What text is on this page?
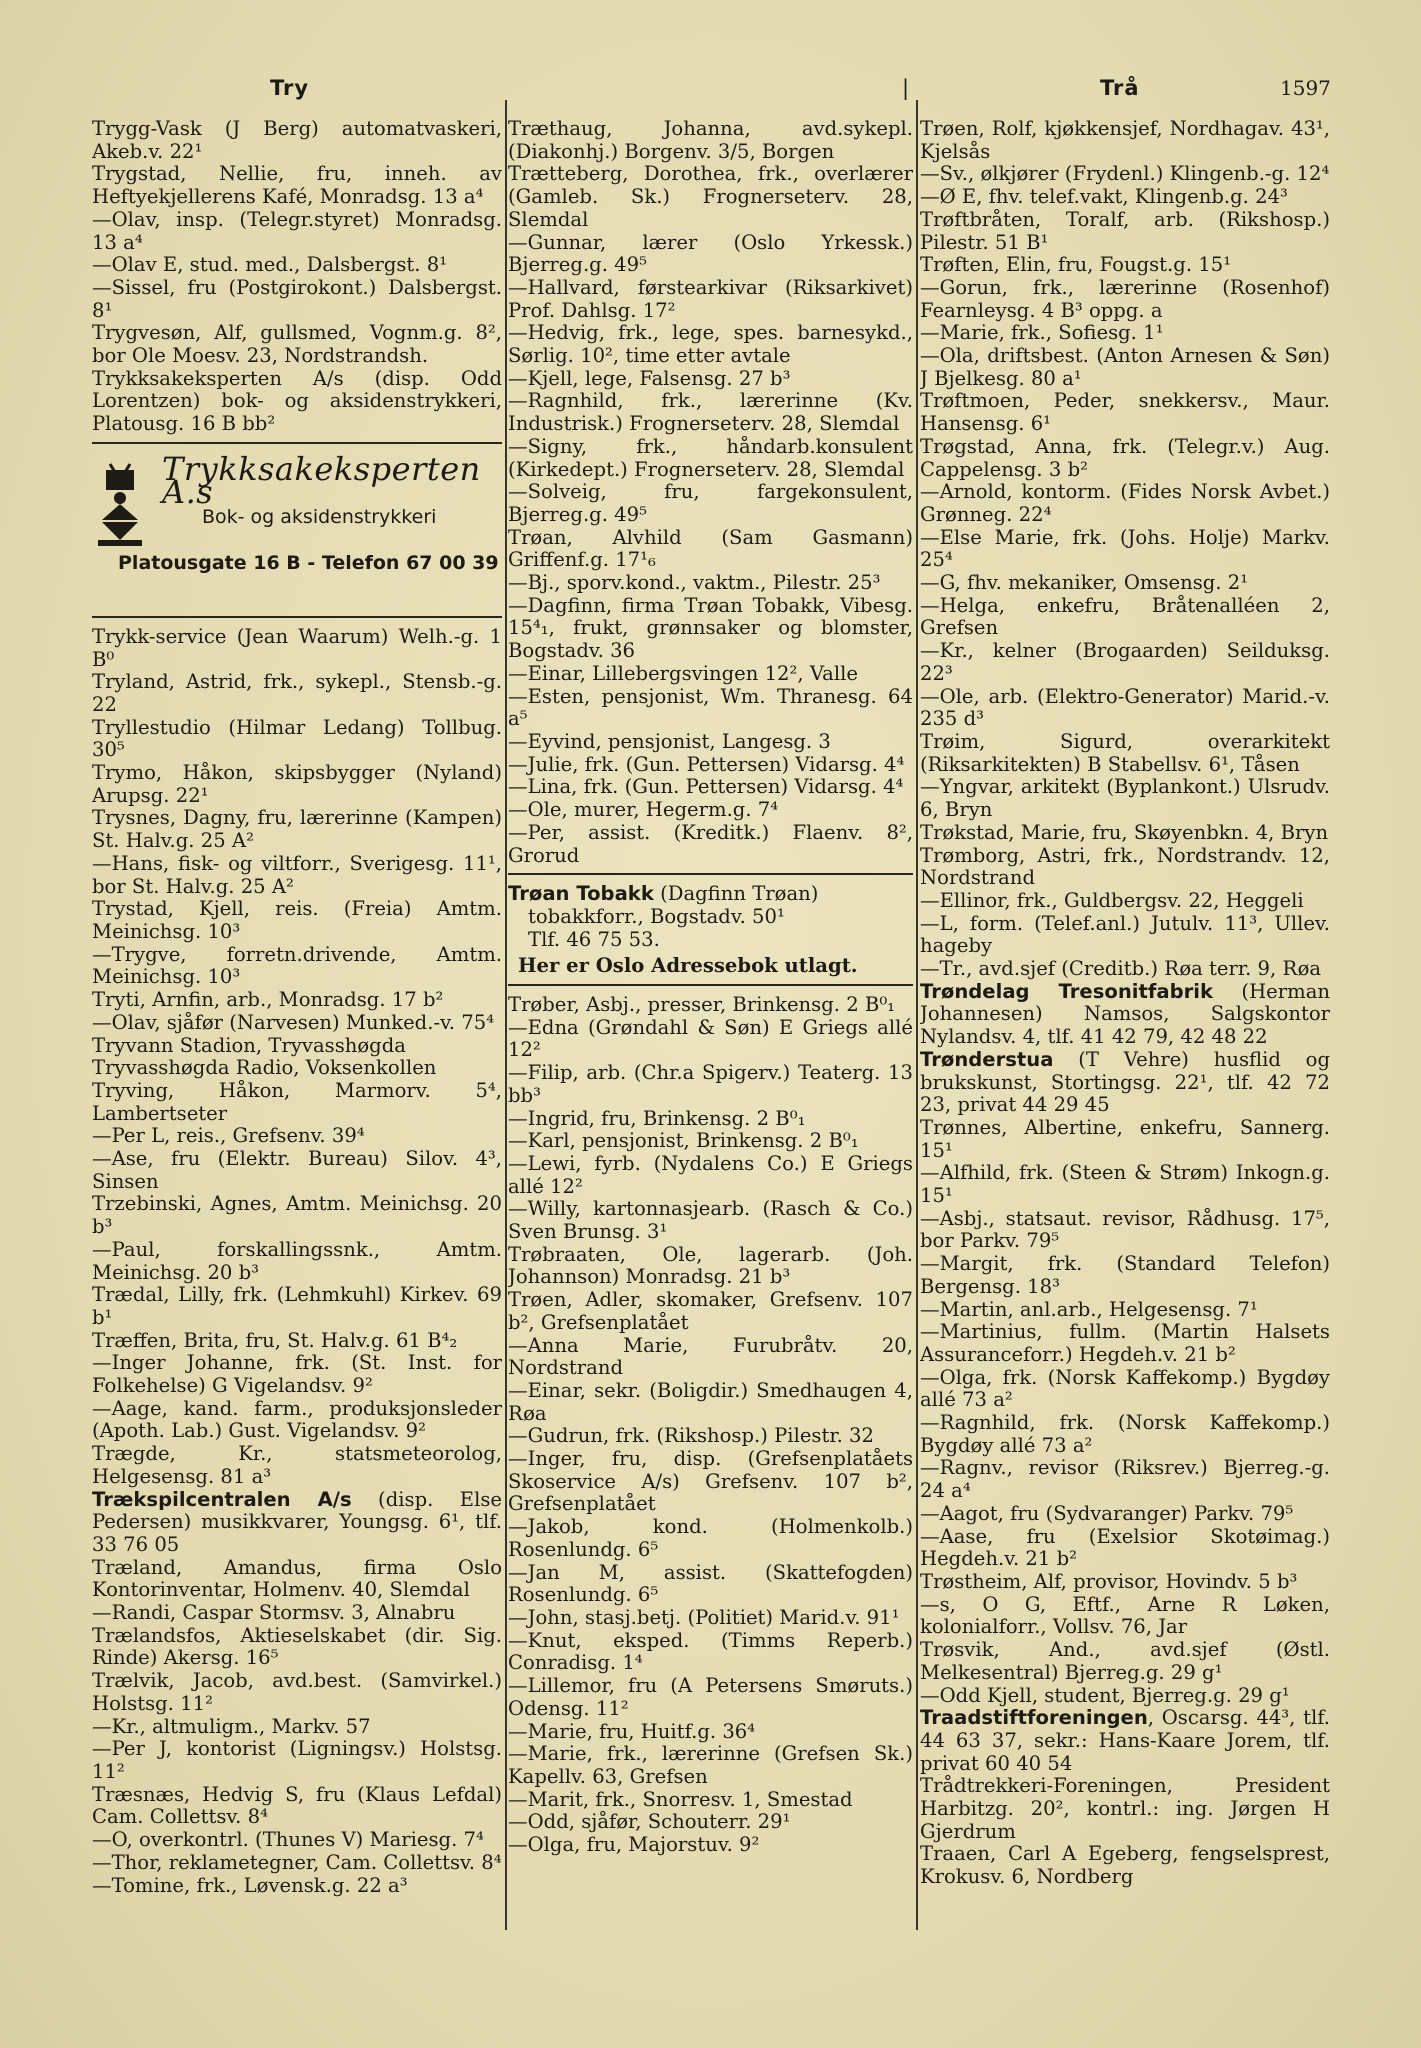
Try	|	Trå	1597
Trygg-Vask (J Berg) automatvaskeri, Akeb.v. 22¹
Trygstad, Nellie, fru, inneh. av Heftyekjellerens Kafé, Monradsg. 13 a⁴
—Olav, insp. (Telegr.styret) Monradsg. 13 a⁴
—Olav E, stud. med., Dalsbergst. 8¹
—Sissel, fru (Postgirokont.) Dalsbergst. 8¹
Trygvesøn, Alf, gullsmed, Vognm.g. 8², bor Ole Moesv. 23, Nordstrandsh.
Trykksakeksperten A/s (disp. Odd Lorentzen) bok- og aksidenstrykkeri, Platousg. 16 B bb²
Trykksakeksperten A.s
Bok- og aksidenstrykkeri
Platousgate 16 B - Telefon 67 00 39
Trykk-service (Jean Waarum) Welh.-g. 1 B⁰
Tryland, Astrid, frk., sykepl., Stensb.-g. 22
Tryllestudio (Hilmar Ledang) Tollbug. 30⁵
Trymo, Håkon, skipsbygger (Nyland) Arupsg. 22¹
Trysnes, Dagny, fru, lærerinne (Kampen) St. Halv.g. 25 A²
—Hans, fisk- og viltforr., Sverigesg. 11¹, bor St. Halv.g. 25 A²
Trystad, Kjell, reis. (Freia) Amtm. Meinichsg. 10³
—Trygve, forretn.drivende, Amtm. Meinichsg. 10³
Tryti, Arnfin, arb., Monradsg. 17 b²
—Olav, sjåfør (Narvesen) Munked.-v. 75⁴
Tryvann Stadion, Tryvasshøgda
Tryvasshøgda Radio, Voksenkollen
Tryving, Håkon, Marmorv. 5⁴, Lambertseter
—Per L, reis., Grefsenv. 39⁴
—Ase, fru (Elektr. Bureau) Silov. 4³, Sinsen
Trzebinski, Agnes, Amtm. Meinichsg. 20 b³
—Paul, forskallingssnk., Amtm. Meinichsg. 20 b³
Trædal, Lilly, frk. (Lehmkuhl) Kirkev. 69 b¹
Træffen, Brita, fru, St. Halv.g. 61 B⁴₂
—Inger Johanne, frk. (St. Inst. for Folkehelse) G Vigelandsv. 9²
—Aage, kand. farm., produksjonsleder (Apoth. Lab.) Gust. Vigelandsv. 9²
Trægde, Kr., statsmeteorolog, Helgesensg. 81 a³
Trækspilcentralen A/s (disp. Else Pedersen) musikkvarer, Youngsg. 6¹, tlf. 33 76 05
Træland, Amandus, firma Oslo Kontorinventar, Holmenv. 40, Slemdal
—Randi, Caspar Stormsv. 3, Alnabru
Trælandsfos, Aktieselskabet (dir. Sig. Rinde) Akersg. 16⁵
Trælvik, Jacob, avd.best. (Samvirkel.) Holstsg. 11²
—Kr., altmuligm., Markv. 57
—Per J, kontorist (Ligningsv.) Holstsg. 11²
Træsnæs, Hedvig S, fru (Klaus Lefdal) Cam. Collettsv. 8⁴
—O, overkontrl. (Thunes V) Mariesg. 7⁴
—Thor, reklametegner, Cam. Collettsv. 8⁴
—Tomine, frk., Løvensk.g. 22 a³
Træthaug, Johanna, avd.sykepl. (Diakonhj.) Borgenv. 3/5, Borgen
Trætteberg, Dorothea, frk., overlærer (Gamleb. Sk.) Frognerseterv. 28, Slemdal
—Gunnar, lærer (Oslo Yrkessk.) Bjerreg.g. 49⁵
—Hallvard, førstearkivar (Riksarkivet) Prof. Dahlsg. 17²
—Hedvig, frk., lege, spes. barnesykd., Sørlig. 10², time etter avtale
—Kjell, lege, Falsensg. 27 b³
—Ragnhild, frk., lærerinne (Kv. Industrisk.) Frognerseterv. 28, Slemdal
—Signy, frk., håndarb.konsulent (Kirkedept.) Frognerseterv. 28, Slemdal
—Solveig, fru, fargekonsulent, Bjerreg.g. 49⁵
Trøan, Alvhild (Sam Gasmann) Griffenf.g. 17¹₆
—Bj., sporv.kond., vaktm., Pilestr. 25³
—Dagfinn, firma Trøan Tobakk, Vibesg. 15⁴₁, frukt, grønnsaker og blomster, Bogstadv. 36
—Einar, Lillebergsvingen 12², Valle
—Esten, pensjonist, Wm. Thranesg. 64 a⁵
—Eyvind, pensjonist, Langesg. 3
—Julie, frk. (Gun. Pettersen) Vidarsg. 4⁴
—Lina, frk. (Gun. Pettersen) Vidarsg. 4⁴
—Ole, murer, Hegerm.g. 7⁴
—Per, assist. (Kreditk.) Flaenv. 8², Grorud
Trøan Tobakk (Dagfinn Trøan)
tobakkforr., Bogstadv. 50¹
Tlf. 46 75 53.
Her er Oslo Adressebok utlagt.
Trøber, Asbj., presser, Brinkensg. 2 B⁰₁
—Edna (Grøndahl & Søn) E Griegs allé 12²
—Filip, arb. (Chr.a Spigerv.) Teaterg. 13 bb³
—Ingrid, fru, Brinkensg. 2 B⁰₁
—Karl, pensjonist, Brinkensg. 2 B⁰₁
—Lewi, fyrb. (Nydalens Co.) E Griegs allé 12²
—Willy, kartonnasjearb. (Rasch & Co.) Sven Brunsg. 3¹
Trøbraaten, Ole, lagerarb. (Joh. Johannson) Monradsg. 21 b³
Trøen, Adler, skomaker, Grefsenv. 107 b², Grefsenplatået
—Anna Marie, Furubråtv. 20, Nordstrand
—Einar, sekr. (Boligdir.) Smedhaugen 4, Røa
—Gudrun, frk. (Rikshosp.) Pilestr. 32
—Inger, fru, disp. (Grefsenplatåets Skoservice A/s) Grefsenv. 107 b², Grefsenplatået
—Jakob, kond. (Holmenkolb.) Rosenlundg. 6⁵
—Jan M, assist. (Skattefogden) Rosenlundg. 6⁵
—John, stasj.betj. (Politiet) Marid.v. 91¹
—Knut, eksped. (Timms Reperb.) Conradisg. 1⁴
—Lillemor, fru (A Petersens Smøruts.) Odensg. 11²
—Marie, fru, Huitf.g. 36⁴
—Marie, frk., lærerinne (Grefsen Sk.) Kapellv. 63, Grefsen
—Marit, frk., Snorresv. 1, Smestad
—Odd, sjåfør, Schouterr. 29¹
—Olga, fru, Majorstuv. 9²
Trøen, Rolf, kjøkkensjef, Nordhagav. 43¹, Kjelsås
—Sv., ølkjører (Frydenl.) Klingenb.-g. 12⁴
—Ø E, fhv. telef.vakt, Klingenb.g. 24³
Trøftbråten, Toralf, arb. (Rikshosp.) Pilestr. 51 B¹
Trøften, Elin, fru, Fougst.g. 15¹
—Gorun, frk., lærerinne (Rosenhof) Fearnleysg. 4 B³ oppg. a
—Marie, frk., Sofiesg. 1¹
—Ola, driftsbest. (Anton Arnesen & Søn) J Bjelkesg. 80 a¹
Trøftmoen, Peder, snekkersv., Maur. Hansensg. 6¹
Trøgstad, Anna, frk. (Telegr.v.) Aug. Cappelensg. 3 b²
—Arnold, kontorm. (Fides Norsk Avbet.) Grønneg. 22⁴
—Else Marie, frk. (Johs. Holje) Markv. 25⁴
—G, fhv. mekaniker, Omsensg. 2¹
—Helga, enkefru, Bråtenalléen 2, Grefsen
—Kr., kelner (Brogaarden) Seilduksg. 22³
—Ole, arb. (Elektro-Generator) Marid.-v. 235 d³
Trøim, Sigurd, overarkitekt (Riksarkitekten) B Stabellsv. 6¹, Tåsen
—Yngvar, arkitekt (Byplankont.) Ulsrudv. 6, Bryn
Trøkstad, Marie, fru, Skøyenbkn. 4, Bryn
Trømborg, Astri, frk., Nordstrandv. 12, Nordstrand
—Ellinor, frk., Guldbergsv. 22, Heggeli
—L, form. (Telef.anl.) Jutulv. 11³, Ullev. hageby
—Tr., avd.sjef (Creditb.) Røa terr. 9, Røa
Trøndelag Tresonitfabrik (Herman Johannesen) Namsos, Salgskontor Nylandsv. 4, tlf. 41 42 79, 42 48 22
Trønderstua (T Vehre) husflid og brukskunst, Stortingsg. 22¹, tlf. 42 72 23, privat 44 29 45
Trønnes, Albertine, enkefru, Sannerg. 15¹
—Alfhild, frk. (Steen & Strøm) Inkogn.g. 15¹
—Asbj., statsaut. revisor, Rådhusg. 17⁵, bor Parkv. 79⁵
—Margit, frk. (Standard Telefon) Bergensg. 18³
—Martin, anl.arb., Helgesensg. 7¹
—Martinius, fullm. (Martin Halsets Assuranceforr.) Hegdeh.v. 21 b²
—Olga, frk. (Norsk Kaffekomp.) Bygdøy allé 73 a²
—Ragnhild, frk. (Norsk Kaffekomp.) Bygdøy allé 73 a²
—Ragnv., revisor (Riksrev.) Bjerreg.-g. 24 a⁴
—Aagot, fru (Sydvaranger) Parkv. 79⁵
—Aase, fru (Exelsior Skotøimag.) Hegdeh.v. 21 b²
Trøstheim, Alf, provisor, Hovindv. 5 b³
—s, O G, Eftf., Arne R Løken, kolonialforr., Vollsv. 76, Jar
Trøsvik, And., avd.sjef (Østl. Melkesentral) Bjerreg.g. 29 g¹
—Odd Kjell, student, Bjerreg.g. 29 g¹
Traadstiftforeningen, Oscarsg. 44³, tlf. 44 63 37, sekr.: Hans-Kaare Jorem, tlf. privat 60 40 54
Trådtrekkeri-Foreningen, President Harbitzg. 20², kontrl.: ing. Jørgen H Gjerdrum
Traaen, Carl A Egeberg, fengselsprest, Krokusv. 6, Nordberg
